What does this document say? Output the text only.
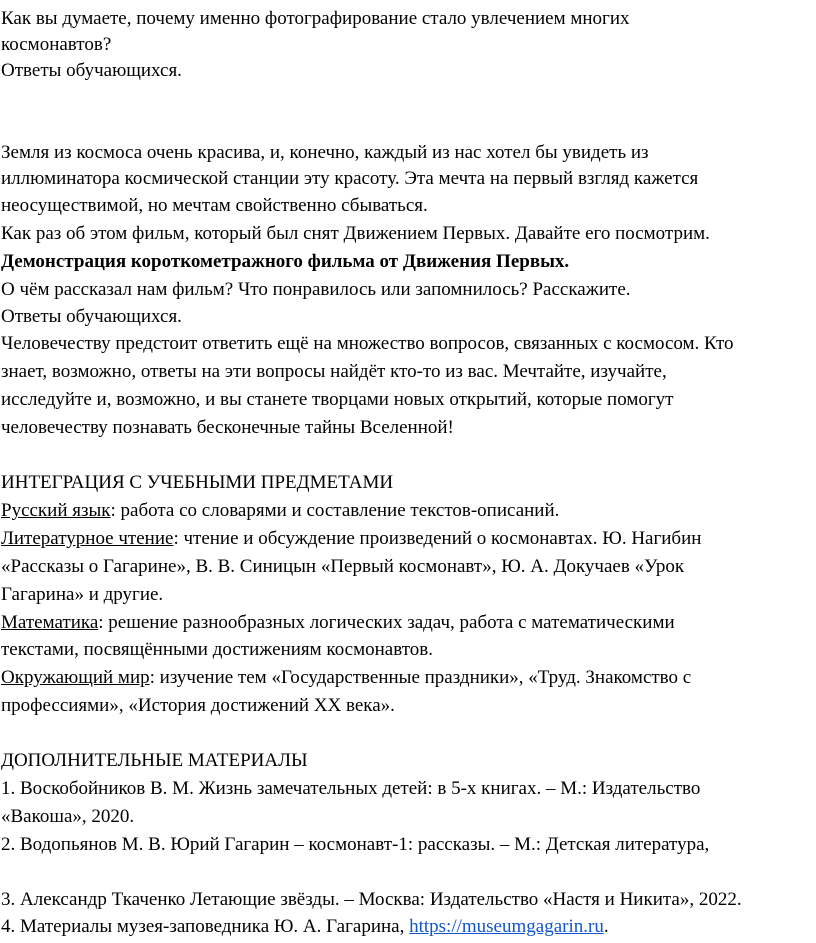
Как вы думаете, почему именно фотографирование стало увлечением многих
космонавтов?
Ответы обучающихся.
Земля из космоса очень красива, и, конечно, каждый из нас хотел бы увидеть из
иллюминатора космической станции эту красоту. Эта мечта на первый взгляд кажется
неосуществимой, но мечтам свойственно сбываться.
Как раз об этом фильм, который был снят Движением Первых. Давайте его посмотрим.
Демонстрация короткометражного фильма от Движения Первых.
О чём рассказал нам фильм? Что понравилось или запомнилось? Расскажите.
Ответы обучающихся.
Человечеству предстоит ответить ещё на множество вопросов, связанных с космосом. Кто
знает, возможно, ответы на эти вопросы найдёт кто-то из вас. Мечтайте, изучайте,
исследуйте и, возможно, и вы станете творцами новых открытий, которые помогут
человечеству познавать бесконечные тайны Вселенной!
ИНТЕГРАЦИЯ С УЧЕБНЫМИ ПРЕДМЕТАМИ
Русский язык: работа со словарями и составление текстов-описаний.
Литературное чтение: чтение и обсуждение произведений о космонавтах. Ю. Нагибин
«Рассказы о Гагарине», В. В. Синицын «Первый космонавт», Ю. А. Докучаев «Урок
Гагарина» и другие.
Математика: решение разнообразных логических задач, работа с математическими
текстами, посвящёнными достижениям космонавтов.
Окружающий мир: изучение тем «Государственные праздники», «Труд. Знакомство с
профессиями», «История достижений XX века».
ДОПОЛНИТЕЛЬНЫЕ МАТЕРИАЛЫ
1. Воскобойников В. М. Жизнь замечательных детей: в 5-х книгах. – М.: Издательство
«Вакоша», 2020.
2. Водопьянов М. В. Юрий Гагарин – космонавт-1: рассказы. – М.: Детская литература,
3. Александр Ткаченко Летающие звёзды. – Москва: Издательство «Настя и Никита», 2022.
4. Материалы музея-заповедника Ю. А. Гагарина, https://museumgagarin.ru.
